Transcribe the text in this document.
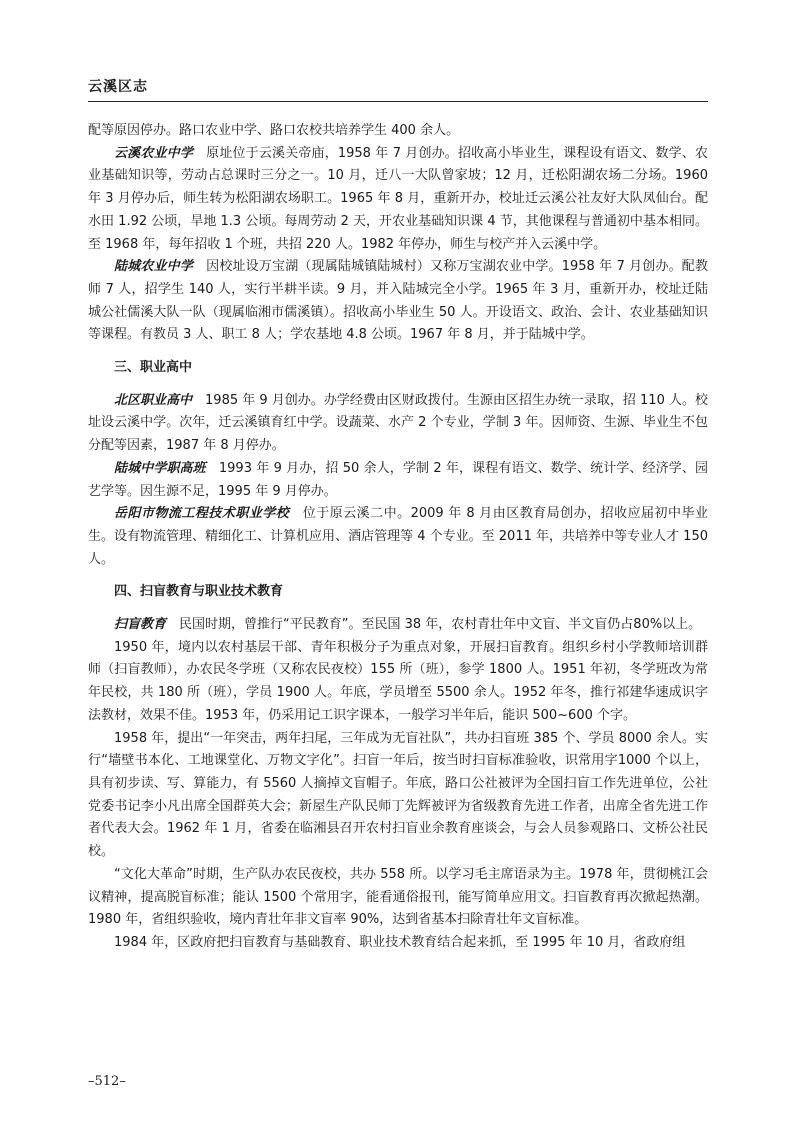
云溪区志

配等原因停办。路口农业中学、路口农校共培养学生 400 余人。

云溪农业中学　原址位于云溪关帝庙，1958 年 7 月创办。招收高小毕业生，课程设有语文、数学、农业基础知识等，劳动占总课时三分之一。10 月，迁八一大队曾家坡；12 月，迁松阳湖农场二分场。1960 年 3 月停办后，师生转为松阳湖农场职工。1965 年 8 月，重新开办，校址迁云溪公社友好大队凤仙台。配水田 1.92 公顷，旱地 1.3 公顷。每周劳动 2 天，开农业基础知识课 4 节，其他课程与普通初中基本相同。至 1968 年，每年招收 1 个班，共招 220 人。1982 年停办，师生与校产并入云溪中学。

陆城农业中学　因校址设万宝湖（现属陆城镇陆城村）又称万宝湖农业中学。1958 年 7 月创办。配教师 7 人，招学生 140 人，实行半耕半读。9 月，并入陆城完全小学。1965 年 3 月，重新开办，校址迁陆城公社儒溪大队一队（现属临湘市儒溪镇）。招收高小毕业生 50 人。开设语文、政治、会计、农业基础知识等课程。有教员 3 人、职工 8 人；学农基地 4.8 公顷。1967 年 8 月，并于陆城中学。

三、职业高中

北区职业高中　1985 年 9 月创办。办学经费由区财政拨付。生源由区招生办统一录取，招 110 人。校址设云溪中学。次年，迁云溪镇育红中学。设蔬菜、水产 2 个专业，学制 3 年。因师资、生源、毕业生不包分配等因素，1987 年 8 月停办。

陆城中学职高班　1993 年 9 月办，招 50 余人，学制 2 年，课程有语文、数学、统计学、经济学、园艺学等。因生源不足，1995 年 9 月停办。

岳阳市物流工程技术职业学校　位于原云溪二中。2009 年 8 月由区教育局创办，招收应届初中毕业生。设有物流管理、精细化工、计算机应用、酒店管理等 4 个专业。至 2011 年，共培养中等专业人才 150 人。

四、扫盲教育与职业技术教育

扫盲教育　民国时期，曾推行“平民教育”。至民国 38 年，农村青壮年中文盲、半文盲仍占80%以上。

1950 年，境内以农村基层干部、青年积极分子为重点对象，开展扫盲教育。组织乡村小学教师培训群师（扫盲教师），办农民冬学班（又称农民夜校）155 所（班），参学 1800 人。1951 年初，冬学班改为常年民校，共 180 所（班），学员 1900 人。年底，学员增至 5500 余人。1952 年冬，推行祁建华速成识字法教材，效果不佳。1953 年，仍采用记工识字课本，一般学习半年后，能识 500~600 个字。

1958 年，提出“一年突击，两年扫尾，三年成为无盲社队”，共办扫盲班 385 个、学员 8000 余人。实行“墙壁书本化、工地课堂化、万物文字化”。扫盲一年后，按当时扫盲标准验收，识常用字1000 个以上，具有初步读、写、算能力，有 5560 人摘掉文盲帽子。年底，路口公社被评为全国扫盲工作先进单位，公社党委书记李小凡出席全国群英大会；新屋生产队民师丁先辉被评为省级教育先进工作者，出席全省先进工作者代表大会。1962 年 1 月，省委在临湘县召开农村扫盲业余教育座谈会，与会人员参观路口、文桥公社民校。

“文化大革命”时期，生产队办农民夜校，共办 558 所。以学习毛主席语录为主。1978 年，贯彻桃江会议精神，提高脱盲标准；能认 1500 个常用字，能看通俗报刊，能写简单应用文。扫盲教育再次掀起热潮。1980 年，省组织验收，境内青壮年非文盲率 90%，达到省基本扫除青壮年文盲标准。

1984 年，区政府把扫盲教育与基础教育、职业技术教育结合起来抓，至 1995 年 10 月，省政府组

–512–
